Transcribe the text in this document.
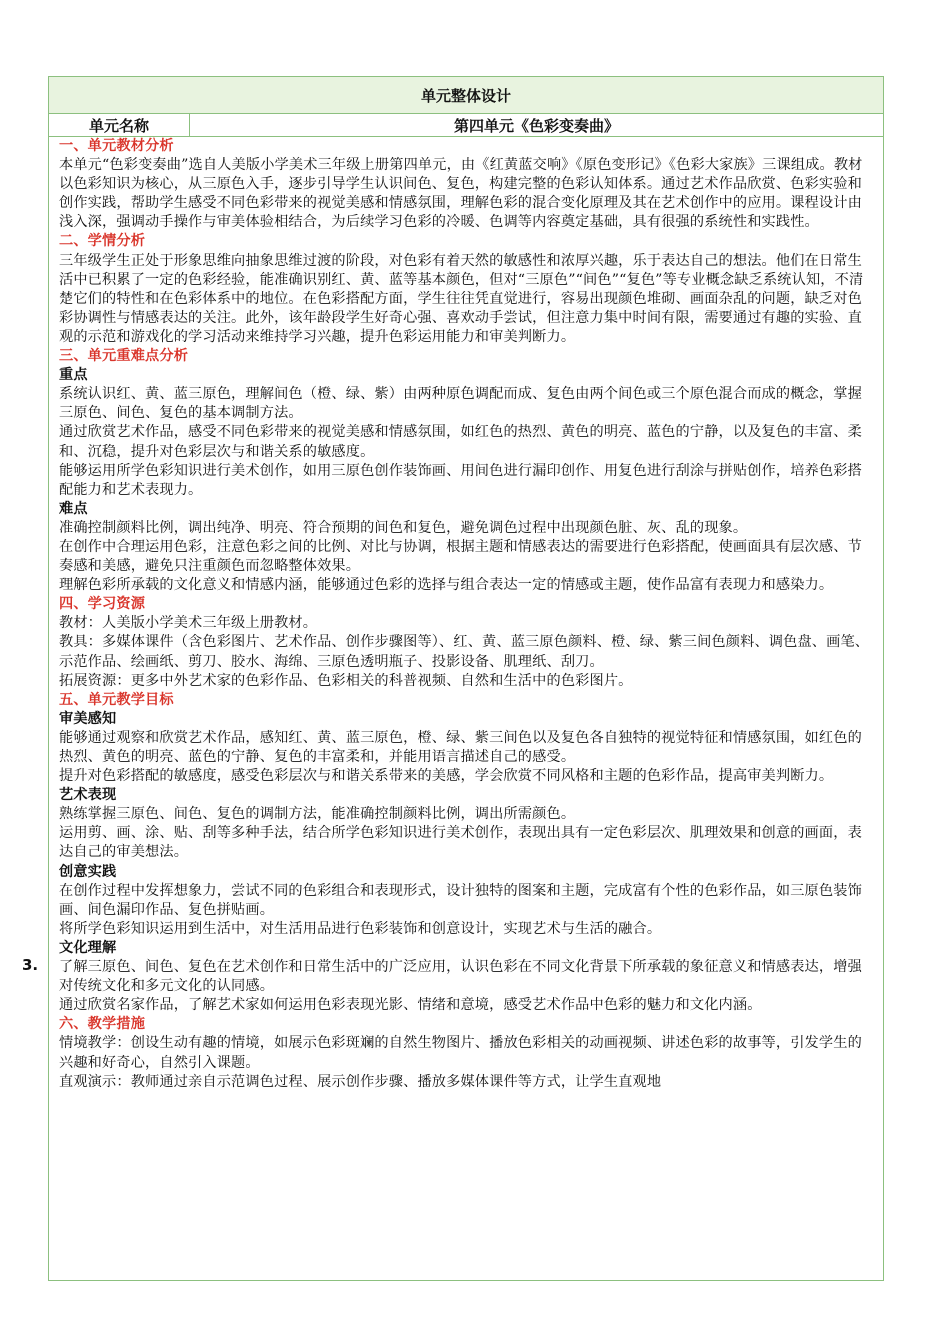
3.
单元整体设计
单元名称	第四单元《色彩变奏曲》

一、单元教材分析

本单元“色彩变奏曲”选自人美版小学美术三年级上册第四单元，由《红黄蓝交响》《原色变形记》《色彩大家族》三课组成。教材以色彩知识为核心，从三原色入手，逐步引导学生认识间色、复色，构建完整的色彩认知体系。通过艺术作品欣赏、色彩实验和创作实践，帮助学生感受不同色彩带来的视觉美感和情感氛围，理解色彩的混合变化原理及其在艺术创作中的应用。课程设计由浅入深，强调动手操作与审美体验相结合，为后续学习色彩的冷暖、色调等内容奠定基础，具有很强的系统性和实践性。

二、学情分析

三年级学生正处于形象思维向抽象思维过渡的阶段，对色彩有着天然的敏感性和浓厚兴趣，乐于表达自己的想法。他们在日常生活中已积累了一定的色彩经验，能准确识别红、黄、蓝等基本颜色，但对“三原色”“间色”“复色”等专业概念缺乏系统认知，不清楚它们的特性和在色彩体系中的地位。在色彩搭配方面，学生往往凭直觉进行，容易出现颜色堆砌、画面杂乱的问题，缺乏对色彩协调性与情感表达的关注。此外，该年龄段学生好奇心强、喜欢动手尝试，但注意力集中时间有限，需要通过有趣的实验、直观的示范和游戏化的学习活动来维持学习兴趣，提升色彩运用能力和审美判断力。

三、单元重难点分析

重点

系统认识红、黄、蓝三原色，理解间色（橙、绿、紫）由两种原色调配而成、复色由两个间色或三个原色混合而成的概念，掌握三原色、间色、复色的基本调制方法。

通过欣赏艺术作品，感受不同色彩带来的视觉美感和情感氛围，如红色的热烈、黄色的明亮、蓝色的宁静，以及复色的丰富、柔和、沉稳，提升对色彩层次与和谐关系的敏感度。

能够运用所学色彩知识进行美术创作，如用三原色创作装饰画、用间色进行漏印创作、用复色进行刮涂与拼贴创作，培养色彩搭配能力和艺术表现力。

难点

准确控制颜料比例，调出纯净、明亮、符合预期的间色和复色，避免调色过程中出现颜色脏、灰、乱的现象。

在创作中合理运用色彩，注意色彩之间的比例、对比与协调，根据主题和情感表达的需要进行色彩搭配，使画面具有层次感、节奏感和美感，避免只注重颜色而忽略整体效果。

理解色彩所承载的文化意义和情感内涵，能够通过色彩的选择与组合表达一定的情感或主题，使作品富有表现力和感染力。

四、学习资源

教材：人美版小学美术三年级上册教材。

教具：多媒体课件（含色彩图片、艺术作品、创作步骤图等）、红、黄、蓝三原色颜料、橙、绿、紫三间色颜料、调色盘、画笔、示范作品、绘画纸、剪刀、胶水、海绵、三原色透明瓶子、投影设备、肌理纸、刮刀。

拓展资源：更多中外艺术家的色彩作品、色彩相关的科普视频、自然和生活中的色彩图片。

五、单元教学目标

审美感知

能够通过观察和欣赏艺术作品，感知红、黄、蓝三原色，橙、绿、紫三间色以及复色各自独特的视觉特征和情感氛围，如红色的热烈、黄色的明亮、蓝色的宁静、复色的丰富柔和，并能用语言描述自己的感受。

提升对色彩搭配的敏感度，感受色彩层次与和谐关系带来的美感，学会欣赏不同风格和主题的色彩作品，提高审美判断力。

艺术表现

熟练掌握三原色、间色、复色的调制方法，能准确控制颜料比例，调出所需颜色。

运用剪、画、涂、贴、刮等多种手法，结合所学色彩知识进行美术创作，表现出具有一定色彩层次、肌理效果和创意的画面，表达自己的审美想法。

创意实践

在创作过程中发挥想象力，尝试不同的色彩组合和表现形式，设计独特的图案和主题，完成富有个性的色彩作品，如三原色装饰画、间色漏印作品、复色拼贴画。

将所学色彩知识运用到生活中，对生活用品进行色彩装饰和创意设计，实现艺术与生活的融合。

文化理解

了解三原色、间色、复色在艺术创作和日常生活中的广泛应用，认识色彩在不同文化背景下所承载的象征意义和情感表达，增强对传统文化和多元文化的认同感。

通过欣赏名家作品，了解艺术家如何运用色彩表现光影、情绪和意境，感受艺术作品中色彩的魅力和文化内涵。

六、教学措施

情境教学：创设生动有趣的情境，如展示色彩斑斓的自然生物图片、播放色彩相关的动画视频、讲述色彩的故事等，引发学生的兴趣和好奇心，自然引入课题。

直观演示：教师通过亲自示范调色过程、展示创作步骤、播放多媒体课件等方式，让学生直观地
